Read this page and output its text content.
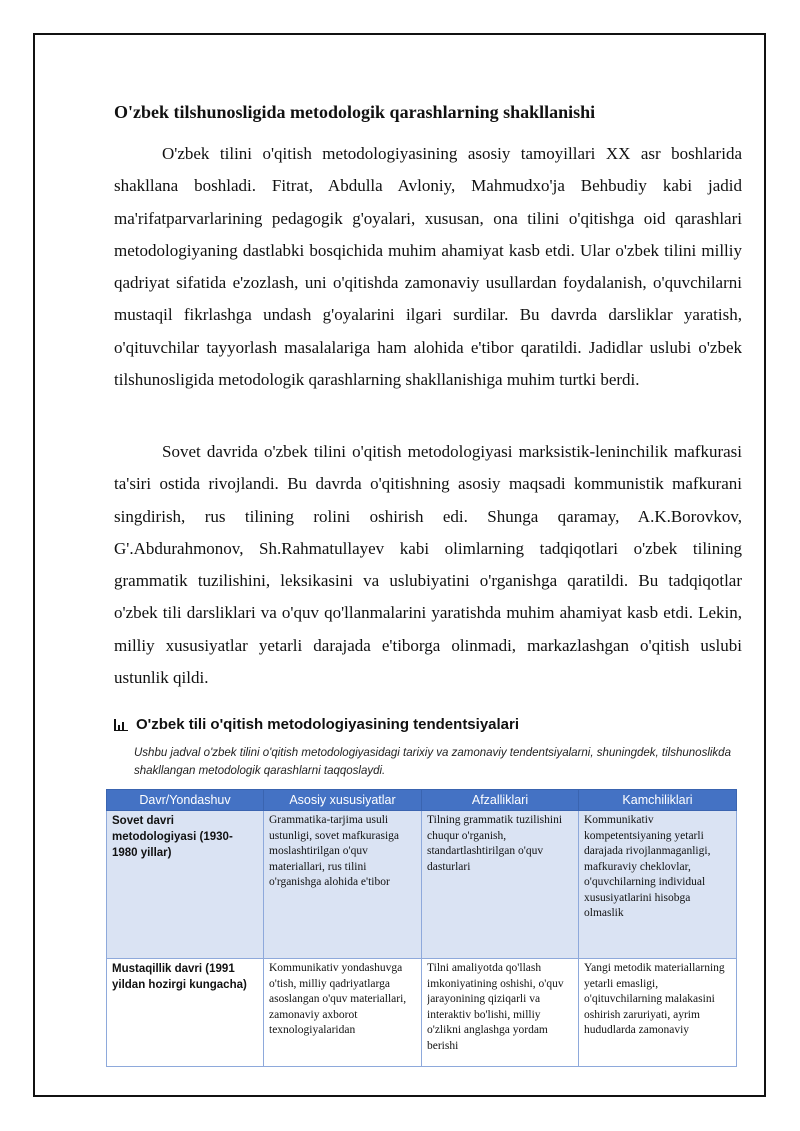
O'zbek tilshunosligida metodologik qarashlarning shakllanishi

O'zbek tilini o'qitish metodologiyasining asosiy tamoyillari XX asr boshlarida shakllana boshladi. Fitrat, Abdulla Avloniy, Mahmudxo'ja Behbudiy kabi jadid ma'rifatparvarlarining pedagogik g'oyalari, xususan, ona tilini o'qitishga oid qarashlari metodologiyaning dastlabki bosqichida muhim ahamiyat kasb etdi. Ular o'zbek tilini milliy qadriyat sifatida e'zozlash, uni o'qitishda zamonaviy usullardan foydalanish, o'quvchilarni mustaqil fikrlashga undash g'oyalarini ilgari surdilar. Bu davrda darsliklar yaratish, o'qituvchilar tayyorlash masalalariga ham alohida e'tibor qaratildi. Jadidlar uslubi o'zbek tilshunosligida metodologik qarashlarning shakllanishiga muhim turtki berdi.

Sovet davrida o'zbek tilini o'qitish metodologiyasi marksistik-leninchilik mafkurasi ta'siri ostida rivojlandi. Bu davrda o'qitishning asosiy maqsadi kommunistik mafkurani singdirish, rus tilining rolini oshirish edi. Shunga qaramay, A.K.Borovkov, G'.Abdurahmonov, Sh.Rahmatullayev kabi olimlarning tadqiqotlari o'zbek tilining grammatik tuzilishini, leksikasini va uslubiyatini o'rganishga qaratildi. Bu tadqiqotlar o'zbek tili darsliklari va o'quv qo'llanmalarini yaratishda muhim ahamiyat kasb etdi. Lekin, milliy xususiyatlar yetarli darajada e'tiborga olinmadi, markazlashgan o'qitish uslubi ustunlik qildi.

O'zbek tili o'qitish metodologiyasining tendentsiyalari
Ushbu jadval o'zbek tilini o'qitish metodologiyasidagi tarixiy va zamonaviy tendentsiyalarni, shuningdek, tilshunoslikda shakllangan metodologik qarashlarni taqqoslaydi.
Davr/Yondashuv	Asosiy xususiyatlar	Afzalliklari	Kamchiliklari

Sovet davri metodologiyasi (1930-1980 yillar)	Grammatika-tarjima usuli ustunligi, sovet mafkurasiga moslashtirilgan o'quv materiallari, rus tilini o'rganishga alohida e'tibor	Tilning grammatik tuzilishini chuqur o'rganish, standartlashtirilgan o'quv dasturlari	Kommunikativ kompetentsiyaning yetarli darajada rivojlanmaganligi, mafkuraviy cheklovlar, o'quvchilarning individual xususiyatlarini hisobga olmaslik

Mustaqillik davri (1991 yildan hozirgi kungacha)	Kommunikativ yondashuvga o'tish, milliy qadriyatlarga asoslangan o'quv materiallari, zamonaviy axborot texnologiyalaridan	Tilni amaliyotda qo'llash imkoniyatining oshishi, o'quv jarayonining qiziqarli va interaktiv bo'lishi, milliy o'zlikni anglashga yordam berishi	Yangi metodik materiallarning yetarli emasligi, o'qituvchilarning malakasini oshirish zaruriyati, ayrim hududlarda zamonaviy
